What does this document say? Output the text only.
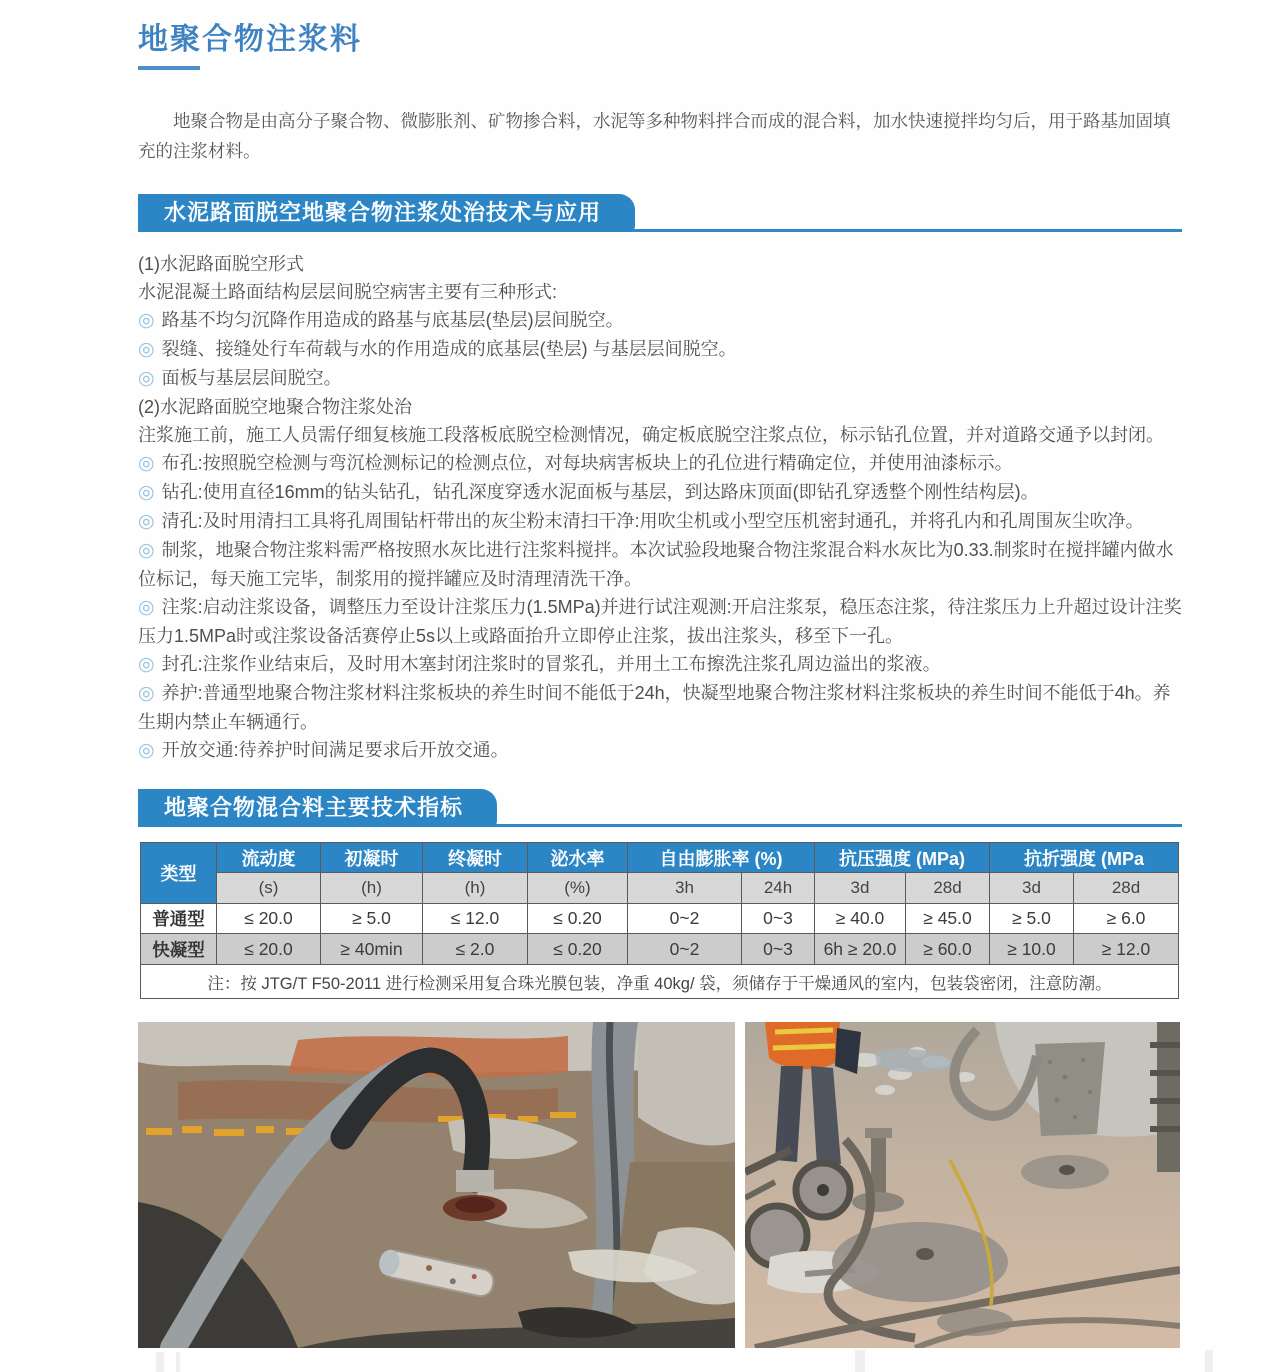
地聚合物注浆料
地聚合物是由高分子聚合物、微膨胀剂、矿物掺合料，水泥等多种物料拌合而成的混合料，加水快速搅拌均匀后，用于路基加固填充的注浆材料。
水泥路面脱空地聚合物注浆处治技术与应用
(1)水泥路面脱空形式
水泥混凝土路面结构层层间脱空病害主要有三种形式:
◎ 路基不均匀沉降作用造成的路基与底基层(垫层)层间脱空。
◎ 裂缝、接缝处行车荷载与水的作用造成的底基层(垫层) 与基层层间脱空。
◎ 面板与基层层间脱空。
(2)水泥路面脱空地聚合物注浆处治
注浆施工前，施工人员需仔细复核施工段落板底脱空检测情况，确定板底脱空注浆点位，标示钻孔位置，并对道路交通予以封闭。
◎ 布孔:按照脱空检测与弯沉检测标记的检测点位，对每块病害板块上的孔位进行精确定位，并使用油漆标示。
◎ 钻孔:使用直径16mm的钻头钻孔，钻孔深度穿透水泥面板与基层，到达路床顶面(即钻孔穿透整个刚性结构层)。
◎ 清孔:及时用清扫工具将孔周围钻杆带出的灰尘粉末清扫干净:用吹尘机或小型空压机密封通孔，并将孔内和孔周围灰尘吹净。
◎ 制浆，地聚合物注浆料需严格按照水灰比进行注浆料搅拌。本次试验段地聚合物注浆混合料水灰比为0.33.制浆时在搅拌罐内做水位标记，每天施工完毕，制浆用的搅拌罐应及时清理清洗干净。
◎ 注浆:启动注浆设备，调整压力至设计注浆压力(1.5MPa)并进行试注观测:开启注浆泵，稳压态注浆，待注浆压力上升超过设计注奖压力1.5MPa时或注浆设备活赛停止5s以上或路面抬升立即停止注浆，拔出注浆头，移至下一孔。
◎ 封孔:注浆作业结束后，及时用木塞封闭注浆时的冒浆孔，并用土工布擦洗注浆孔周边溢出的浆液。
◎ 养护:普通型地聚合物注浆材料注浆板块的养生时间不能低于24h，快凝型地聚合物注浆材料注浆板块的养生时间不能低于4h。养生期内禁止车辆通行。
◎ 开放交通:待养护时间满足要求后开放交通。
地聚合物混合料主要技术指标
类型	流动度	初凝时	终凝时	泌水率	自由膨胀率 (%)		抗压强度 (MPa)		抗折强度 (MPa	
	(s)	(h)	(h)	(%)	3h	24h	3d	28d	3d	28d
普通型	≤ 20.0	≥ 5.0	≤ 12.0	≤ 0.20	0~2	0~3	≥ 40.0	≥ 45.0	≥ 5.0	≥ 6.0
快凝型	≤ 20.0	≥ 40min	≤ 2.0	≤ 0.20	0~2	0~3	6h ≥ 20.0	≥ 60.0	≥ 10.0	≥ 12.0
注：按 JTG/T F50-2011 进行检测采用复合珠光膜包装，净重 40kg/ 袋，须储存于干燥通风的室内，包装袋密闭，注意防潮。										
